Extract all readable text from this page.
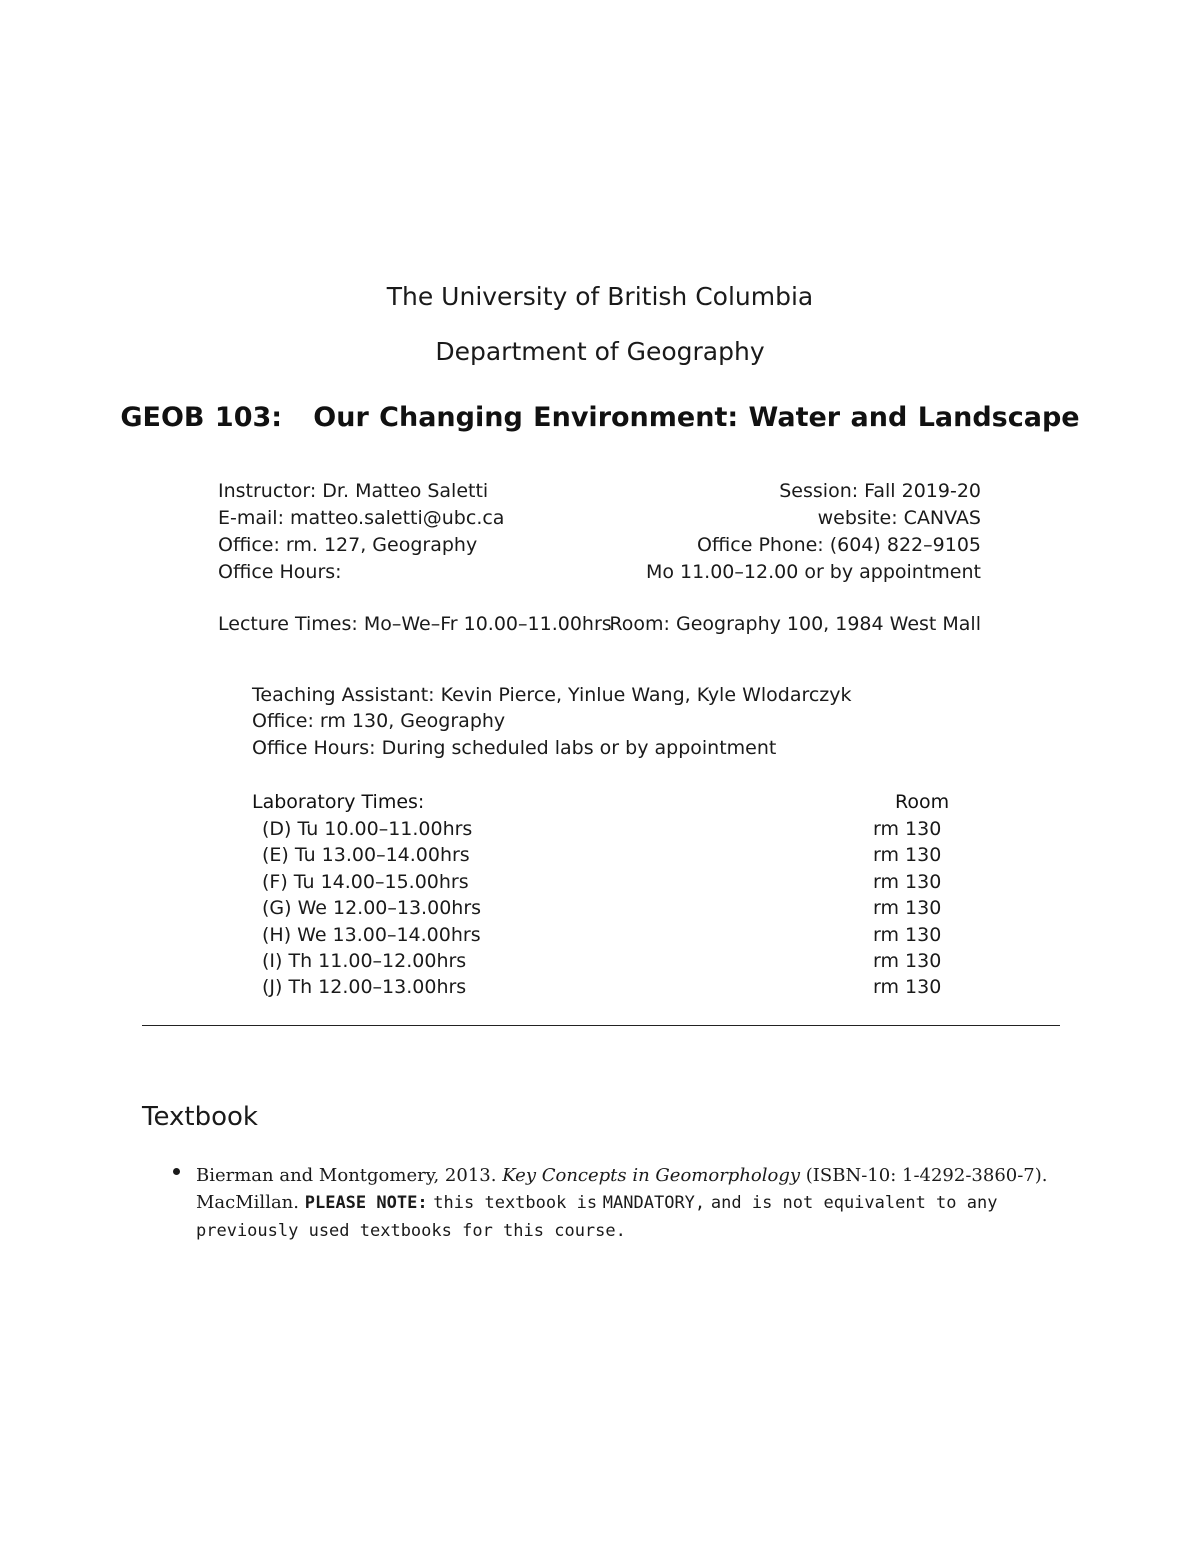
The University of British Columbia
Department of Geography
GEOB 103:   Our Changing Environment: Water and Landscape
Instructor: Dr. Matteo Saletti	Session: Fall 2019-20
E-mail: matteo.saletti@ubc.ca	website: CANVAS
Office: rm. 127, Geography	Office Phone: (604) 822–9105
Office Hours:	Mo 11.00–12.00 or by appointment
Lecture Times: Mo–We–Fr 10.00–11.00hrs
Room: Geography 100, 1984 West Mall
Teaching Assistant: Kevin Pierce, Yinlue Wang, Kyle Wlodarczyk
Office: rm 130, Geography
Office Hours: During scheduled labs or by appointment
Laboratory Times:	Room
(D) Tu 10.00–11.00hrs	rm 130
(E) Tu 13.00–14.00hrs	rm 130
(F) Tu 14.00–15.00hrs	rm 130
(G) We 12.00–13.00hrs	rm 130
(H) We 13.00–14.00hrs	rm 130
(I) Th 11.00–12.00hrs	rm 130
(J) Th 12.00–13.00hrs	rm 130
Textbook
Bierman and Montgomery, 2013. Key Concepts in Geomorphology (ISBN-10: 1-4292-3860-7). MacMillan. PLEASE NOTE: this textbook is MANDATORY, and is not equivalent to any previously used textbooks for this course.
